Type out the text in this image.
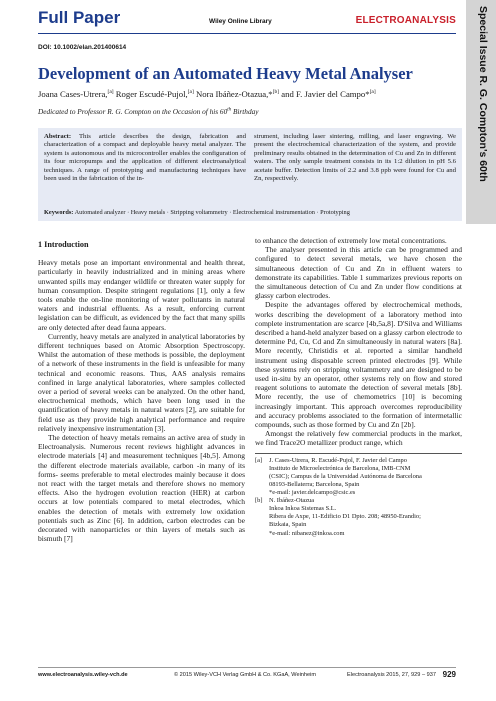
Full Paper	Wiley Online Library	ELECTROANALYSIS
DOI: 10.1002/elan.201400614	Special Issue R. G. Compton's 60th
Development of an Automated Heavy Metal Analyser
Joana Cases-Utrera,[a] Roger Escudé-Pujol,[a] Nora Ibáñez-Otazua,*[b] and F. Javier del Campo*[a]
Dedicated to Professor R. G. Compton on the Occasion of his 60th Birthday
Abstract: This article describes the design, fabrication and characterization of a compact and deployable heavy metal analyzer. The system is autonomous and its microcontroller enables the configuration of its four micropumps and the application of different electroanalytical techniques. A range of prototyping and manufacturing techniques have been used in the fabrication of the in-
strument, including laser sintering, milling, and laser engraving. We present the electrochemical characterization of the system, and provide preliminary results obtained in the determination of Cu and Zn in different waters. The only sample treatment consists in its 1:2 dilution in pH 5.6 acetate buffer. Detection limits of 2.2 and 3.8 ppb were found for Cu and Zn, respectively.
Keywords: Automated analyzer · Heavy metals · Stripping voltammetry · Electrochemical instrumentation · Prototyping
1 Introduction

Heavy metals pose an important environmental and health threat, particularly in heavily industrialized and in mining areas where unwanted spills may endanger wildlife or threaten water supply for human consumption. Despite stringent regulations [1], only a few tools enable the on-line monitoring of water pollutants in natural waters and industrial effluents. As a result, enforcing current legislation can be difficult, as evidenced by the fact that many spills are only detected after dead fauna appears.

Currently, heavy metals are analyzed in analytical laboratories by different techniques based on Atomic Absorption Spectroscopy. Whilst the automation of these methods is possible, the deployment of a network of these instruments in the field is unfeasible for many technical and economic reasons. Thus, AAS analysis remains confined in large analytical laboratories, where samples collected over a period of several weeks can be analyzed. On the other hand, electrochemical methods, which have been long used in the quantification of heavy metals in natural waters [2], are suitable for field use as they provide high analytical performance and require relatively inexpensive instrumentation [3].

The detection of heavy metals remains an active area of study in Electroanalysis. Numerous recent reviews highlight advances in electrode materials [4] and measurement techniques [4b,5]. Among the different electrode materials available, carbon -in many of its forms- seems preferable to metal electrodes mainly because it does not react with the target metals and therefore shows no memory effects. Also the hydrogen evolution reaction (HER) at carbon occurs at low potentials compared to metal electrodes, which enables the detection of metals with extremely low oxidation potentials such as Zinc [6]. In addition, carbon electrodes can be decorated with nanoparticles or thin layers of metals such as bismuth [7]

to enhance the detection of extremely low metal concentrations.

The analyser presented in this article can be programmed and configured to detect several metals, we have chosen the simultaneous detection of Cu and Zn in effluent waters to demonstrate its capabilities. Table 1 summarizes previous reports on the simultaneous detection of Cu and Zn under flow conditions at glassy carbon electrodes.

Despite the advantages offered by electrochemical methods, works describing the development of a laboratory method into complete instrumentation are scarce [4b,5a,8]. D'Silva and Williams described a hand-held analyzer based on a glassy carbon electrode to determine Pd, Cu, Cd and Zn simultaneously in natural waters [8a]. More recently, Christidis et al. reported a similar handheld instrument using disposable screen printed electrodes [9]. While these systems rely on stripping voltammetry and are designed to be used in-situ by an operator, other systems rely on flow and stored reagent solutions to automate the detection of several metals [8b]. More recently, the use of chemometrics [10] is becoming increasingly important. This approach overcomes reproducibility and accuracy problems associated to the formation of intermetallic compounds, such as those formed by Cu and Zn [2b].

Amongst the relatively few commercial products in the market, we find Trace2O metallizer product range, which

[a]	J. Cases-Utrera, R. Escudé-Pujol, F. Javier del Campo
Instituto de Microelectrónica de Barcelona, IMB-CNM
(CSIC); Campus de la Universidad Autónoma de Barcelona
08193-Bellaterra; Barcelona, Spain
*e-mail: javier.delcampo@csic.es
[b]	N. Ibáñez-Otazua
Inkoa Inkoa Sistemas S.L.
Ribera de Axpe, 11-Edificio D1 Dpto. 208; 48950-Erandio;
Bizkaia, Spain
*e-mail: nibanez@inkoa.com
www.electroanalysis.wiley-vch.de	© 2015 Wiley-VCH Verlag GmbH & Co. KGaA, Weinheim	Electroanalysis 2015, 27, 929 – 937 929
